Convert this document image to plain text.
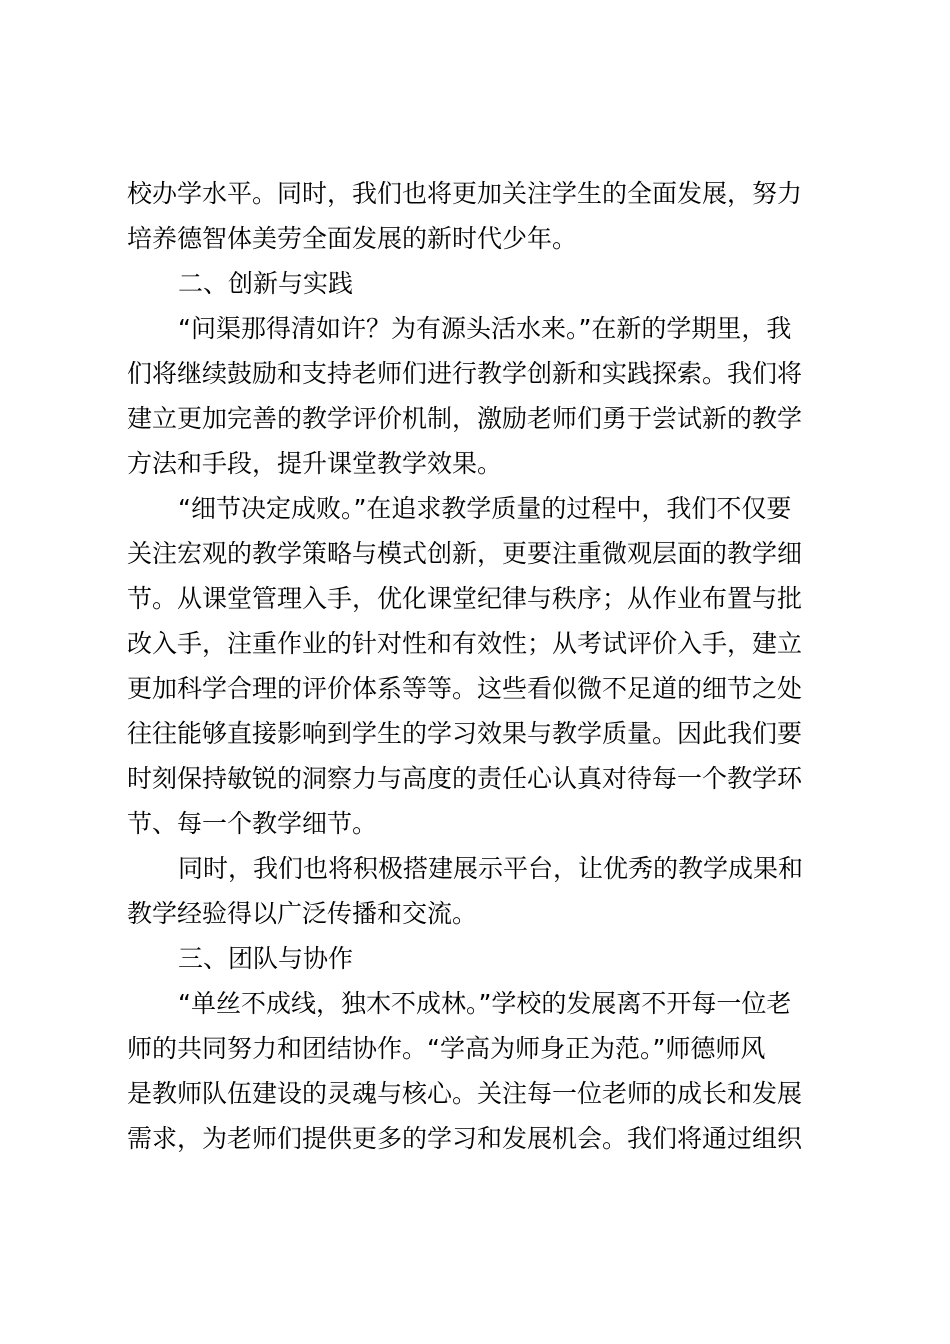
校办学水平。同时，我们也将更加关注学生的全面发展，努力
培养德智体美劳全面发展的新时代少年。
二、创新与实践
“问渠那得清如许？为有源头活水来。”在新的学期里，我
们将继续鼓励和支持老师们进行教学创新和实践探索。我们将
建立更加完善的教学评价机制，激励老师们勇于尝试新的教学
方法和手段，提升课堂教学效果。
“细节决定成败。”在追求教学质量的过程中，我们不仅要
关注宏观的教学策略与模式创新，更要注重微观层面的教学细
节。从课堂管理入手，优化课堂纪律与秩序；从作业布置与批
改入手，注重作业的针对性和有效性；从考试评价入手，建立
更加科学合理的评价体系等等。这些看似微不足道的细节之处
往往能够直接影响到学生的学习效果与教学质量。因此我们要
时刻保持敏锐的洞察力与高度的责任心认真对待每一个教学环
节、每一个教学细节。
同时，我们也将积极搭建展示平台，让优秀的教学成果和
教学经验得以广泛传播和交流。
三、团队与协作
“单丝不成线，独木不成林。”学校的发展离不开每一位老
师的共同努力和团结协作。“学高为师身正为范。”师德师风
是教师队伍建设的灵魂与核心。关注每一位老师的成长和发展
需求，为老师们提供更多的学习和发展机会。我们将通过组织
